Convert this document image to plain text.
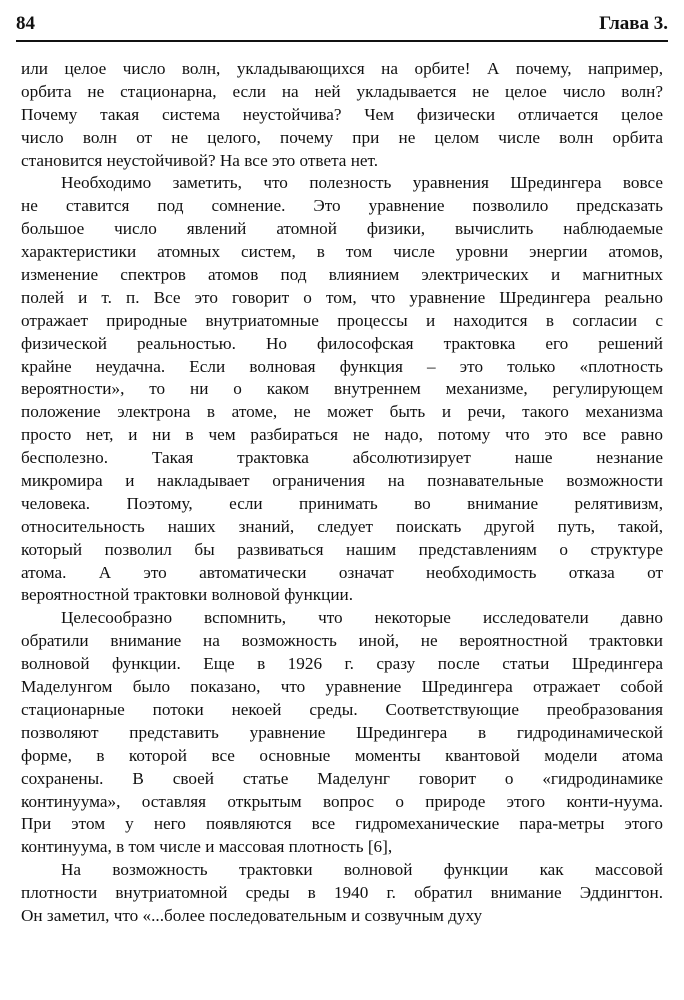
84	Глава 3.
или целое число волн, укладывающихся на орбите! А почему, например,
орбита не стационарна, если на ней укладывается не целое число волн?
Почему такая система неустойчива? Чем физически отличается целое
число волн от не целого, почему при не целом числе волн орбита
становится неустойчивой? На все это ответа нет.
Необходимо заметить, что полезность уравнения Шредингера вовсе
не ставится под сомнение. Это уравнение позволило предсказать
большое число явлений атомной физики, вычислить наблюдаемые
характеристики атомных систем, в том числе уровни энергии атомов,
изменение спектров атомов под влиянием электрических и магнитных
полей и т. п. Все это говорит о том, что уравнение Шредингера реально
отражает природные внутриатомные процессы и находится в согласии с
физической реальностью. Но философская трактовка его решений
крайне неудачна. Если волновая функция – это только «плотность
вероятности», то ни о каком внутреннем механизме, регулирующем
положение электрона в атоме, не может быть и речи, такого механизма
просто нет, и ни в чем разбираться не надо, потому что это все равно
бесполезно. Такая трактовка абсолютизирует наше незнание
микромира и накладывает ограничения на познавательные возможности
человека. Поэтому, если принимать во внимание релятивизм,
относительность наших знаний, следует поискать другой путь, такой,
который позволил бы развиваться нашим представлениям о структуре
атома. А это автоматически означат необходимость отказа от
вероятностной трактовки волновой функции.
Целесообразно вспомнить, что некоторые исследователи давно
обратили внимание на возможность иной, не вероятностной трактовки
волновой функции. Еще в 1926 г. сразу после статьи Шредингера
Маделунгом было показано, что уравнение Шредингера отражает собой
стационарные потоки некоей среды. Соответствующие преобразования
позволяют представить уравнение Шредингера в гидродинамической
форме, в которой все основные моменты квантовой модели атома
сохранены. В своей статье Маделунг говорит о «гидродинамике
континуума», оставляя открытым вопрос о природе этого конти-нуума.
При этом у него появляются все гидромеханические пара-метры этого
континуума, в том числе и массовая плотность [6],
На возможность трактовки волновой функции как массовой
плотности внутриатомной среды в 1940 г. обратил внимание Эддингтон.
Он заметил, что «...более последовательным и созвучным духу
